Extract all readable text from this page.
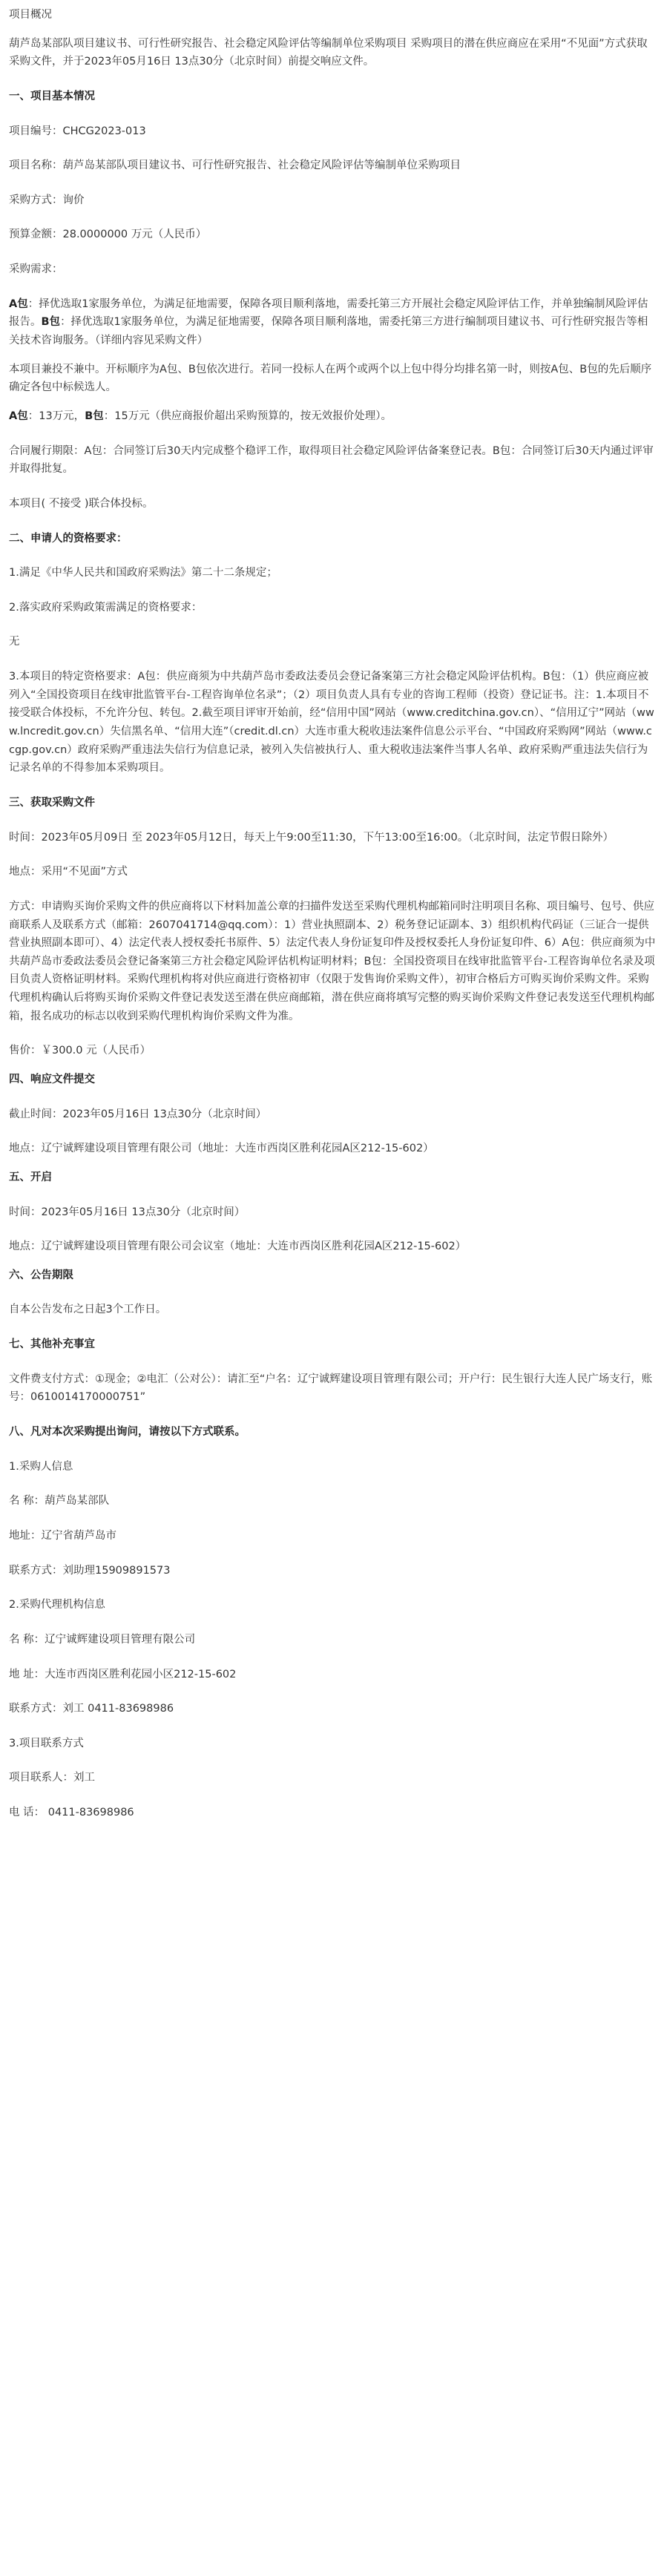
项目概况

葫芦岛某部队项目建议书、可行性研究报告、社会稳定风险评估等编制单位采购项目 采购项目的潜在供应商应在采用“不见面”方式获取采购文件，并于2023年05月16日 13点30分（北京时间）前提交响应文件。

一、项目基本情况

项目编号：CHCG2023-013

项目名称：葫芦岛某部队项目建议书、可行性研究报告、社会稳定风险评估等编制单位采购项目

采购方式：询价

预算金额：28.0000000 万元（人民币）

采购需求：

A包：择优选取1家服务单位，为满足征地需要，保障各项目顺利落地，需委托第三方开展社会稳定风险评估工作，并单独编制风险评估报告。B包：择优选取1家服务单位，为满足征地需要，保障各项目顺利落地，需委托第三方进行编制项目建议书、可行性研究报告等相关技术咨询服务。（详细内容见采购文件）

本项目兼投不兼中。开标顺序为A包、B包依次进行。若同一投标人在两个或两个以上包中得分均排名第一时，则按A包、B包的先后顺序确定各包中标候选人。

A包：13万元，B包：15万元（供应商报价超出采购预算的，按无效报价处理）。

合同履行期限：A包：合同签订后30天内完成整个稳评工作，取得项目社会稳定风险评估备案登记表。B包：合同签订后30天内通过评审并取得批复。

本项目( 不接受 )联合体投标。

二、申请人的资格要求：

1.满足《中华人民共和国政府采购法》第二十二条规定；

2.落实政府采购政策需满足的资格要求：

无

3.本项目的特定资格要求：A包：供应商须为中共葫芦岛市委政法委员会登记备案第三方社会稳定风险评估机构。B包：（1）供应商应被列入“全国投资项目在线审批监管平台-工程咨询单位名录”；（2）项目负责人具有专业的咨询工程师（投资）登记证书。注：1.本项目不接受联合体投标，不允许分包、转包。2.截至项目评审开始前，经“信用中国”网站（www.creditchina.gov.cn）、“信用辽宁”网站（www.lncredit.gov.cn）失信黑名单、“信用大连”（credit.dl.cn）大连市重大税收违法案件信息公示平台、“中国政府采购网”网站（www.ccgp.gov.cn）政府采购严重违法失信行为信息记录，被列入失信被执行人、重大税收违法案件当事人名单、政府采购严重违法失信行为记录名单的不得参加本采购项目。

三、获取采购文件

时间：2023年05月09日 至 2023年05月12日，每天上午9:00至11:30，下午13:00至16:00。（北京时间，法定节假日除外）

地点：采用“不见面”方式

方式：申请购买询价采购文件的供应商将以下材料加盖公章的扫描件发送至采购代理机构邮箱同时注明项目名称、项目编号、包号、供应商联系人及联系方式（邮箱：2607041714@qq.com）：1）营业执照副本、2）税务登记证副本、3）组织机构代码证（三证合一提供营业执照副本即可）、4）法定代表人授权委托书原件、5）法定代表人身份证复印件及授权委托人身份证复印件、6）A包：供应商须为中共葫芦岛市委政法委员会登记备案第三方社会稳定风险评估机构证明材料；B包：全国投资项目在线审批监管平台-工程咨询单位名录及项目负责人资格证明材料。采购代理机构将对供应商进行资格初审（仅限于发售询价采购文件），初审合格后方可购买询价采购文件。采购代理机构确认后将购买询价采购文件登记表发送至潜在供应商邮箱，潜在供应商将填写完整的购买询价采购文件登记表发送至代理机构邮箱，报名成功的标志以收到采购代理机构询价采购文件为准。

售价：￥300.0 元（人民币）

四、响应文件提交

截止时间：2023年05月16日 13点30分（北京时间）

地点：辽宁诚辉建设项目管理有限公司（地址：大连市西岗区胜利花园A区212-15-602）

五、开启

时间：2023年05月16日 13点30分（北京时间）

地点：辽宁诚辉建设项目管理有限公司会议室（地址：大连市西岗区胜利花园A区212-15-602）

六、公告期限

自本公告发布之日起3个工作日。

七、其他补充事宜

文件费支付方式：①现金；②电汇（公对公）：请汇至“户名：辽宁诚辉建设项目管理有限公司；开户行：民生银行大连人民广场支行，账号：0610014170000751”

八、凡对本次采购提出询问，请按以下方式联系。

1.采购人信息

名 称：葫芦岛某部队

地址：辽宁省葫芦岛市

联系方式：刘助理15909891573

2.采购代理机构信息

名 称：辽宁诚辉建设项目管理有限公司

地 址：大连市西岗区胜利花园小区212-15-602

联系方式：刘工 0411-83698986

3.项目联系方式

项目联系人：刘工

电 话： 0411-83698986
